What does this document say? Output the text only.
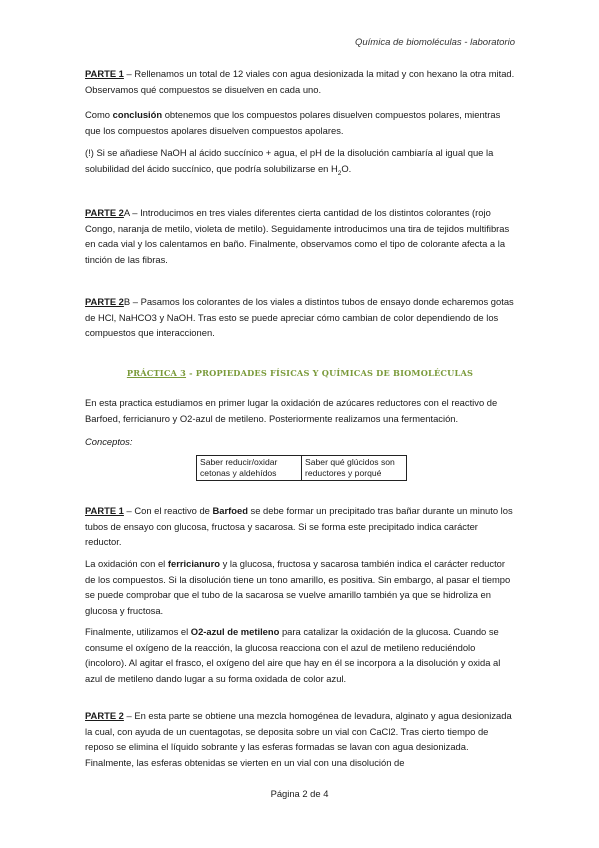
Química de biomoléculas - laboratorio

PARTE 1 – Rellenamos un total de 12 viales con agua desionizada la mitad y con hexano la otra mitad. Observamos qué compuestos se disuelven en cada uno.

Como conclusión obtenemos que los compuestos polares disuelven compuestos polares, mientras que los compuestos apolares disuelven compuestos apolares.

(!) Si se añadiese NaOH al ácido succínico + agua, el pH de la disolución cambiaría al igual que la solubilidad del ácido succínico, que podría solubilizarse en $H_2O$.

PARTE 2A – Introducimos en tres viales diferentes cierta cantidad de los distintos colorantes (rojo Congo, naranja de metilo, violeta de metilo). Seguidamente introducimos una tira de tejidos multifibras en cada vial y los calentamos en baño. Finalmente, observamos como el tipo de colorante afecta a la tinción de las fibras.

PARTE 2B – Pasamos los colorantes de los viales a distintos tubos de ensayo donde echaremos gotas de HCl, NaHCO3 y NaOH. Tras esto se puede apreciar cómo cambian de color dependiendo de los compuestos que interaccionen.

PRÁCTICA 3 - PROPIEDADES FÍSICAS Y QUÍMICAS DE BIOMOLÉCULAS

En esta practica estudiamos en primer lugar la oxidación de azúcares reductores con el reactivo de Barfoed, ferricianuro y O2-azul de metileno. Posteriormente realizamos una fermentación.

Conceptos:

Saber reducir/oxidar cetonas y aldehídos	Saber qué glúcidos son reductores y porqué

PARTE 1 – Con el reactivo de Barfoed se debe formar un precipitado tras bañar durante un minuto los tubos de ensayo con glucosa, fructosa y sacarosa. Si se forma este precipitado indica carácter reductor.

La oxidación con el ferricianuro y la glucosa, fructosa y sacarosa también indica el carácter reductor de los compuestos. Si la disolución tiene un tono amarillo, es positiva. Sin embargo, al pasar el tiempo se puede comprobar que el tubo de la sacarosa se vuelve amarillo también ya que se hidroliza en glucosa y fructosa.

Finalmente, utilizamos el O2-azul de metileno para catalizar la oxidación de la glucosa. Cuando se consume el oxígeno de la reacción, la glucosa reacciona con el azul de metileno reduciéndolo (incoloro). Al agitar el frasco, el oxígeno del aire que hay en él se incorpora a la disolución y oxida al azul de metileno dando lugar a su forma oxidada de color azul.

PARTE 2 – En esta parte se obtiene una mezcla homogénea de levadura, alginato y agua desionizada la cual, con ayuda de un cuentagotas, se deposita sobre un vial con CaCl2. Tras cierto tiempo de reposo se elimina el líquido sobrante y las esferas formadas se lavan con agua desionizada. Finalmente, las esferas obtenidas se vierten en un vial con una disolución de

Página 2 de 4
